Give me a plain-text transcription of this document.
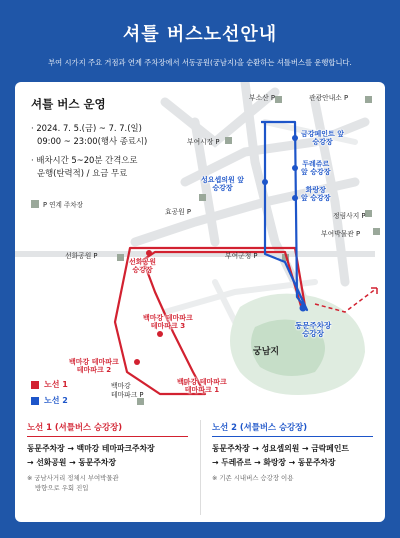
셔틀 버스노선안내
부여 시가지 주요 거점과 연계 주차장에서 서동공원(궁남지)을 순환하는 셔틀버스를 운행합니다.
셔틀 버스 운영
· 2024. 7. 5.(금) ~ 7. 7.(일)
09:00 ~ 23:00(행사 종료시)
· 배차시간 5~20분 간격으로
운행(탄력적) / 요금 무료
P 연계 주차장
부소산 P	관광안내소 P
부여시장 P
효공원 P	정림사지 P
부여박물관 P
선화공원 P	부여군청 P
백마강
테마파크 P
궁남지
금강페인트 앞
승강장
두레쥬르
앞 승강장
성요셉의원 앞
승강장	화랑장
앞 승강장
동문주차장
승강장
선화공원
승강장
백마강 테마파크
테마파크 3
백마강 테마파크
테마파크 2
백마강 테마파크
테마파크 1
노선 1
노선 2
노선 1 (셔틀버스 승강장)
동문주차장 → 백마강 테마파크주차장
→ 선화공원 → 동문주차장
※ 궁남사거리 정체시 부여박물관
방향으로 우회 진입
노선 2 (셔틀버스 승강장)
동문주차장 → 성요셉의원 → 금락페인트
→ 두레쥬르 → 화랑장 → 동문주차장
※ 기존 시내버스 승강장 이용
